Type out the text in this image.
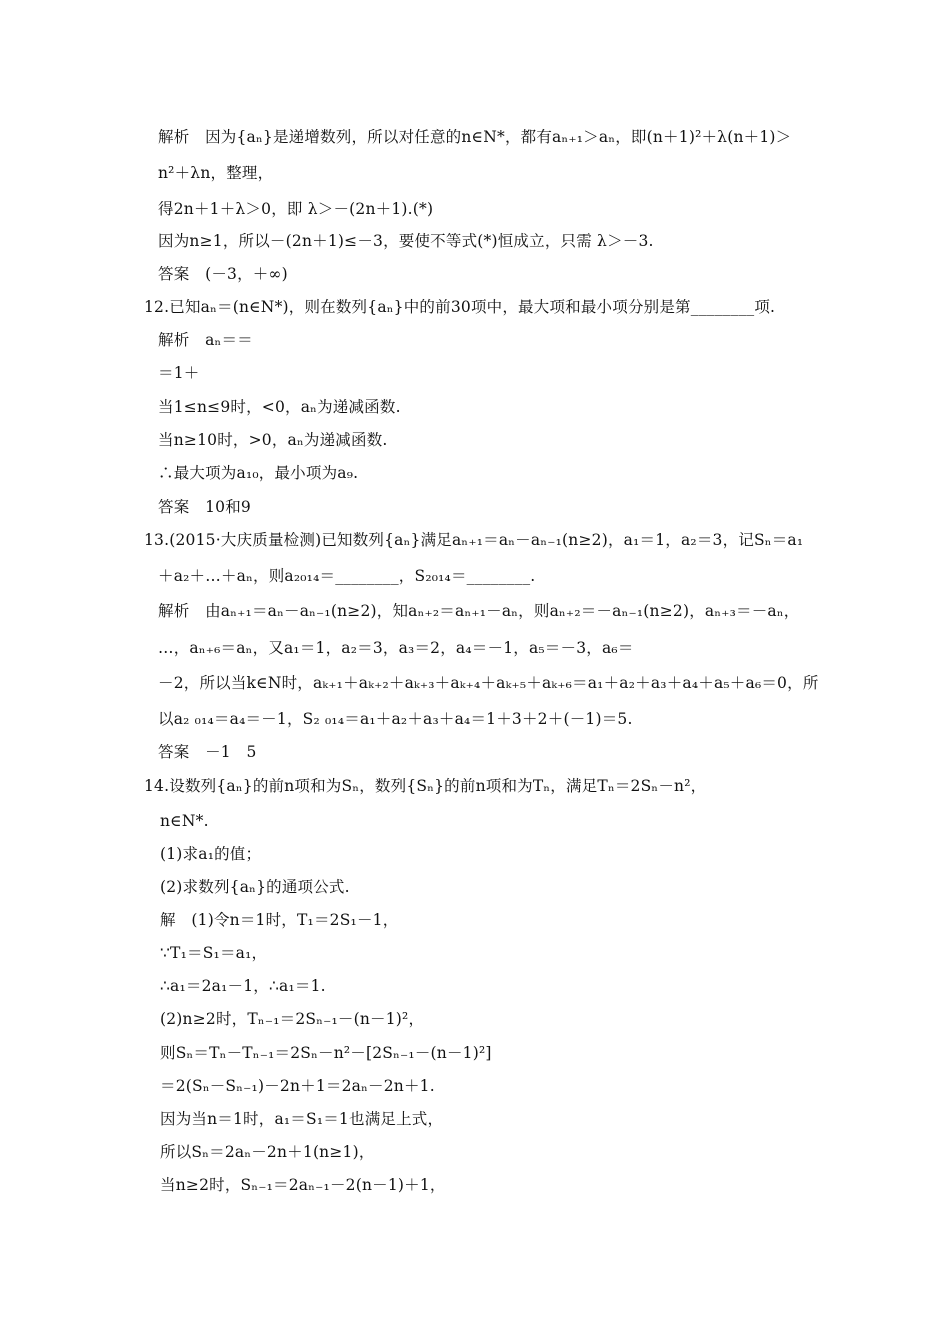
解析　因为{aₙ}是递增数列，所以对任意的n∈N*，都有aₙ₊₁＞aₙ，即(n＋1)²＋λ(n＋1)＞
n²＋λn，整理，
得2n＋1＋λ＞0，即 λ＞－(2n＋1).(*)
因为n≥1，所以－(2n＋1)≤－3，要使不等式(*)恒成立，只需 λ＞－3.
答案　(－3，＋∞)
12.已知aₙ＝(n∈N*)，则在数列{aₙ}中的前30项中，最大项和最小项分别是第________项.
解析　aₙ＝＝
＝1＋
当1≤n≤9时，<0，aₙ为递减函数.
当n≥10时，>0，aₙ为递减函数.
∴最大项为a₁₀，最小项为a₉.
答案　10和9
13.(2015·大庆质量检测)已知数列{aₙ}满足aₙ₊₁＝aₙ－aₙ₋₁(n≥2)，a₁＝1，a₂＝3，记Sₙ＝a₁
＋a₂＋…＋aₙ，则a₂₀₁₄＝________，S₂₀₁₄＝________.
解析　由aₙ₊₁＝aₙ－aₙ₋₁(n≥2)，知aₙ₊₂＝aₙ₊₁－aₙ，则aₙ₊₂＝－aₙ₋₁(n≥2)，aₙ₊₃＝－aₙ，
…，aₙ₊₆＝aₙ，又a₁＝1，a₂＝3，a₃＝2，a₄＝－1，a₅＝－3，a₆＝
－2，所以当k∈N时，aₖ₊₁＋aₖ₊₂＋aₖ₊₃＋aₖ₊₄＋aₖ₊₅＋aₖ₊₆＝a₁＋a₂＋a₃＋a₄＋a₅＋a₆＝0，所
以a₂ ₀₁₄＝a₄＝－1，S₂ ₀₁₄＝a₁＋a₂＋a₃＋a₄＝1＋3＋2＋(－1)＝5.
答案　－1　5
14.设数列{aₙ}的前n项和为Sₙ，数列{Sₙ}的前n项和为Tₙ，满足Tₙ＝2Sₙ－n²，
n∈N*.
(1)求a₁的值；
(2)求数列{aₙ}的通项公式.
解　(1)令n＝1时，T₁＝2S₁－1，
∵T₁＝S₁＝a₁，
∴a₁＝2a₁－1，∴a₁＝1.
(2)n≥2时，Tₙ₋₁＝2Sₙ₋₁－(n－1)²，
则Sₙ＝Tₙ－Tₙ₋₁＝2Sₙ－n²－[2Sₙ₋₁－(n－1)²]
＝2(Sₙ－Sₙ₋₁)－2n＋1＝2aₙ－2n＋1.
因为当n＝1时，a₁＝S₁＝1也满足上式，
所以Sₙ＝2aₙ－2n＋1(n≥1)，
当n≥2时，Sₙ₋₁＝2aₙ₋₁－2(n－1)＋1，
